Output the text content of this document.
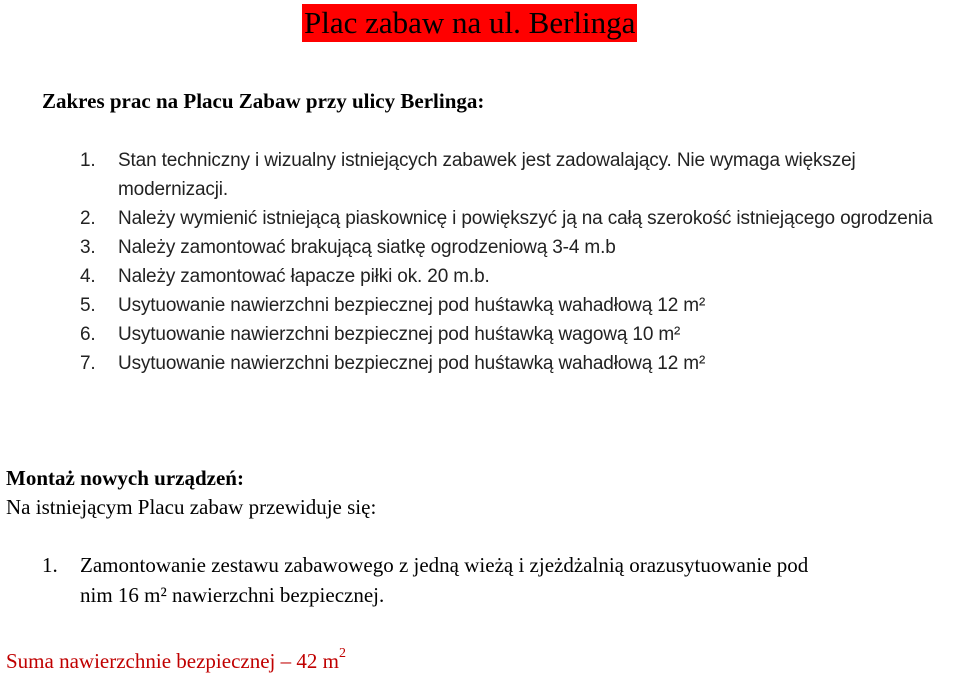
Plac zabaw na ul. Berlinga
Zakres prac na Placu Zabaw przy ulicy Berlinga:
1. Stan techniczny i wizualny istniejących zabawek jest zadowalający. Nie wymaga większej modernizacji.
2. Należy wymienić istniejącą piaskownicę i powiększyć ją na całą szerokość istniejącego ogrodzenia
3. Należy zamontować brakującą siatkę ogrodzeniową 3-4 m.b
4. Należy zamontować łapacze piłki ok. 20 m.b.
5. Usytuowanie nawierzchni bezpiecznej pod huśtawką wahadłową 12 m²
6. Usytuowanie nawierzchni bezpiecznej pod huśtawką wagową 10 m²
7. Usytuowanie nawierzchni bezpiecznej pod huśtawką wahadłową 12 m²
Montaż nowych urządzeń:
Na istniejącym Placu zabaw przewiduje się:
1. Zamontowanie zestawu zabawowego z jedną wieżą i zjeżdżalnią orazusytuowanie pod
nim 16 m² nawierzchni bezpiecznej.
Suma nawierzchnie bezpiecznej – 42 $m^2$
